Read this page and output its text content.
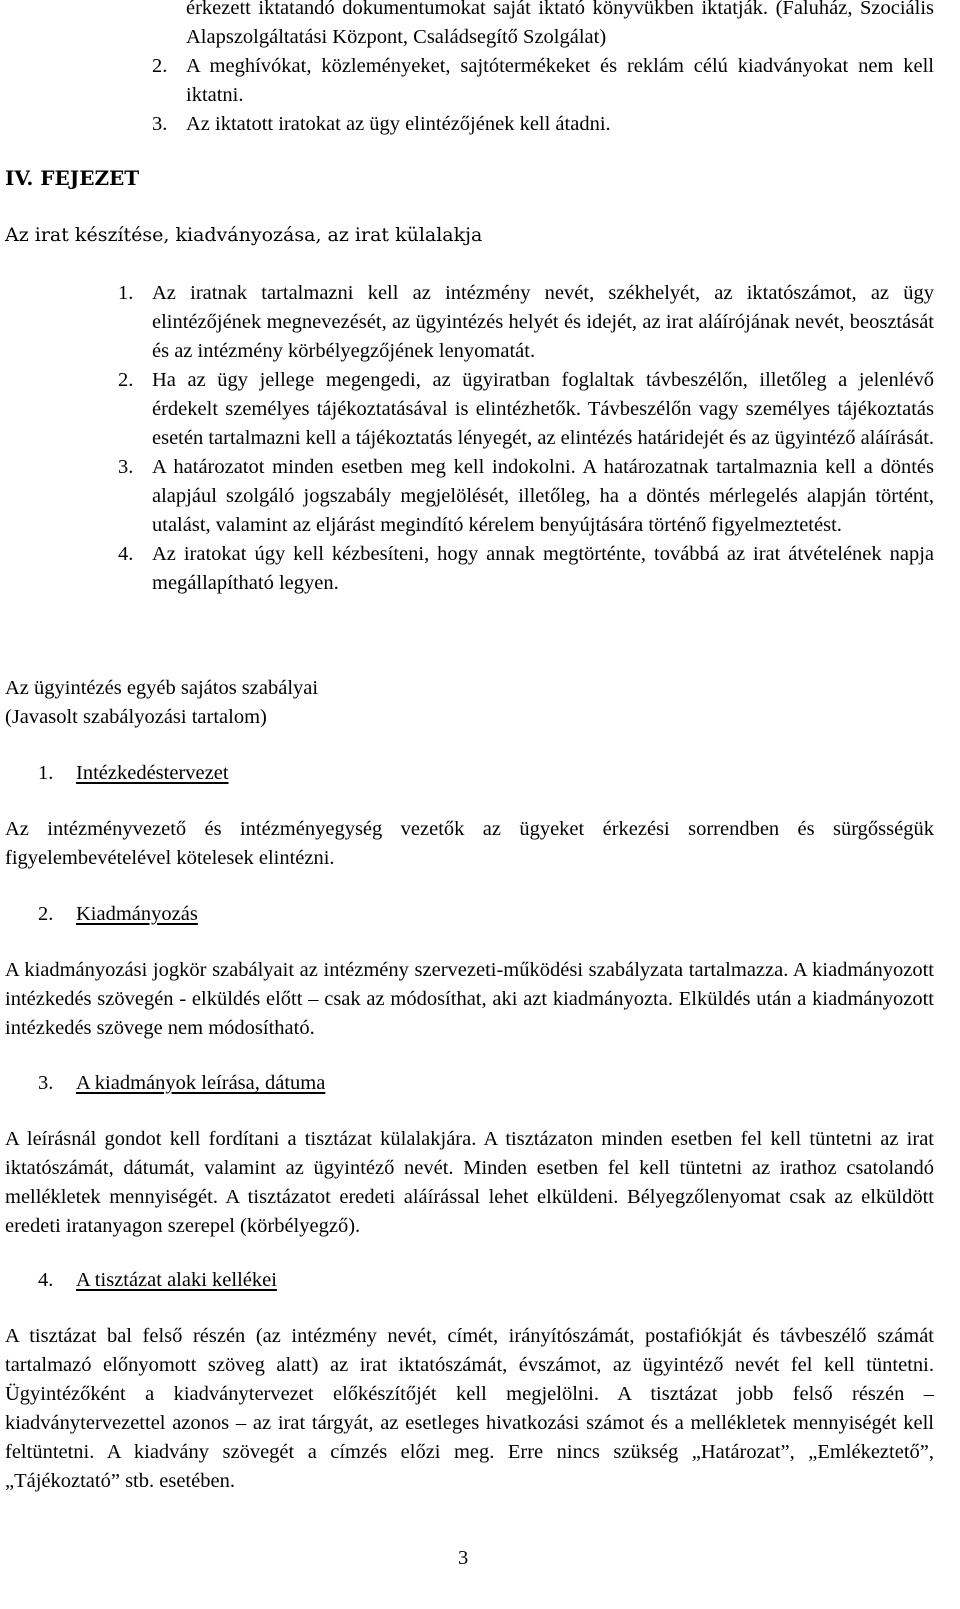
érkezett iktatandó dokumentumokat saját iktató könyvükben iktatják. (Faluház, Szociális Alapszolgáltatási Központ, Családsegítő Szolgálat)

2. A meghívókat, közleményeket, sajtótermékeket és reklám célú kiadványokat nem kell iktatni.
3. Az iktatott iratokat az ügy elintézőjének kell átadni.
IV. FEJEZET
Az irat készítése, kiadványozása, az irat külalakja
1. Az iratnak tartalmazni kell az intézmény nevét, székhelyét, az iktatószámot, az ügy elintézőjének megnevezését, az ügyintézés helyét és idejét, az irat aláírójának nevét, beosztását és az intézmény körbélyegzőjének lenyomatát.
2. Ha az ügy jellege megengedi, az ügyiratban foglaltak távbeszélőn, illetőleg a jelenlévő érdekelt személyes tájékoztatásával is elintézhetők. Távbeszélőn vagy személyes tájékoztatás esetén tartalmazni kell a tájékoztatás lényegét, az elintézés határidejét és az ügyintéző aláírását.
3. A határozatot minden esetben meg kell indokolni. A határozatnak tartalmaznia kell a döntés alapjául szolgáló jogszabály megjelölését, illetőleg, ha a döntés mérlegelés alapján történt, utalást, valamint az eljárást megindító kérelem benyújtására történő figyelmeztetést.
4. Az iratokat úgy kell kézbesíteni, hogy annak megtörténte, továbbá az irat átvételének napja megállapítható legyen.

Az ügyintézés egyéb sajátos szabályai

(Javasolt szabályozási tartalom)

1.	Intézkedéstervezet

Az intézményvezető és intézményegység vezetők az ügyeket érkezési sorrendben és sürgősségük figyelembevételével kötelesek elintézni.

2.	Kiadmányozás

A kiadmányozási jogkör szabályait az intézmény szervezeti-működési szabályzata tartalmazza. A kiadmányozott intézkedés szövegén - elküldés előtt – csak az módosíthat, aki azt kiadmányozta. Elküldés után a kiadmányozott intézkedés szövege nem módosítható.

3.	A kiadmányok leírása, dátuma

A leírásnál gondot kell fordítani a tisztázat külalakjára. A tisztázaton minden esetben fel kell tüntetni az irat iktatószámát, dátumát, valamint az ügyintéző nevét. Minden esetben fel kell tüntetni az irathoz csatolandó mellékletek mennyiségét. A tisztázatot eredeti aláírással lehet elküldeni. Bélyegzőlenyomat csak az elküldött eredeti iratanyagon szerepel (körbélyegző).

4.	A tisztázat alaki kellékei

A tisztázat bal felső részén (az intézmény nevét, címét, irányítószámát, postafiókját és távbeszélő számát tartalmazó előnyomott szöveg alatt) az irat iktatószámát, évszámot, az ügyintéző nevét fel kell tüntetni. Ügyintézőként a kiadványtervezet előkészítőjét kell megjelölni. A tisztázat jobb felső részén – kiadványtervezettel azonos – az irat tárgyát, az esetleges hivatkozási számot és a mellékletek mennyiségét kell feltüntetni. A kiadvány szövegét a címzés előzi meg. Erre nincs szükség „Határozat”, „Emlékeztető”, „Tájékoztató” stb. esetében.

3
